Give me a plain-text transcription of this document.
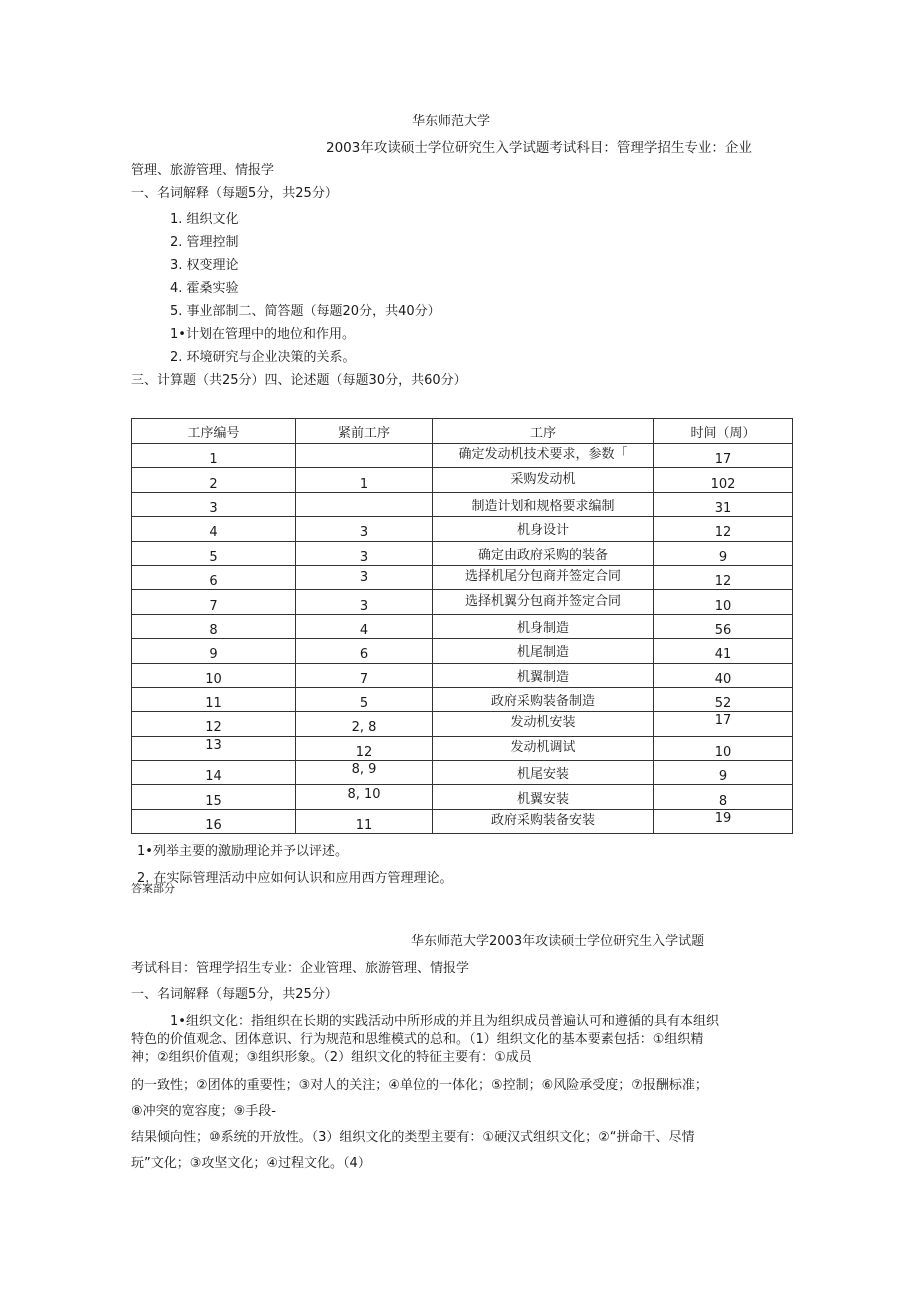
华东师范大学
2003年攻读硕士学位研究生入学试题考试科目：管理学招生专业：企业
管理、旅游管理、情报学
一、名词解释（每题5分，共25分）
1. 组织文化
2. 管理控制
3. 权变理论
4. 霍桑实验
5. 事业部制二、简答题（每题20分，共40分）
1•计划在管理中的地位和作用。
2. 环境研究与企业决策的关系。
三、计算题（共25分）四、论述题（每题30分，共60分）
工序编号	紧前工序	工序	时间（周）
1		确定发动机技术要求，参数「	17
2	1	采购发动机	102
3		制造计划和规格要求编制	31
4	3	机身设计	12
5	3	确定由政府采购的装备	9
6	3	选择机尾分包商并签定合同	12
7	3	选择机翼分包商并签定合同	10
8	4	机身制造	56
9	6	机尾制造	41
10	7	机翼制造	40
11	5	政府采购装备制造	52
12	2, 8	发动机安装	17
13	12	发动机调试	10
14	8, 9	机尾安装	9
15	8, 10	机翼安装	8
16	11	政府采购装备安装	19
1•列举主要的激励理论并予以评述。
2. 在实际管理活动中应如何认识和应用西方管理理论。
答案部分
华东师范大学2003年攻读硕士学位研究生入学试题
考试科目：管理学招生专业：企业管理、旅游管理、情报学
一、名词解释（每题5分，共25分）
1•组织文化：指组织在长期的实践活动中所形成的并且为组织成员普遍认可和遵循的具有本组织
特色的价值观念、团体意识、行为规范和思维模式的总和。（1）组织文化的基本要素包括：①组织精
神；②组织价值观；③组织形象。（2）组织文化的特征主要有：①成员
的一致性；②团体的重要性；③对人的关注；④单位的一体化；⑤控制；⑥风险承受度；⑦报酬标准；
⑧冲突的宽容度；⑨手段-
结果倾向性；⑩系统的开放性。（3）组织文化的类型主要有：①硬汉式组织文化；②“拼命干、尽情
玩”文化；③攻坚文化；④过程文化。（4）
